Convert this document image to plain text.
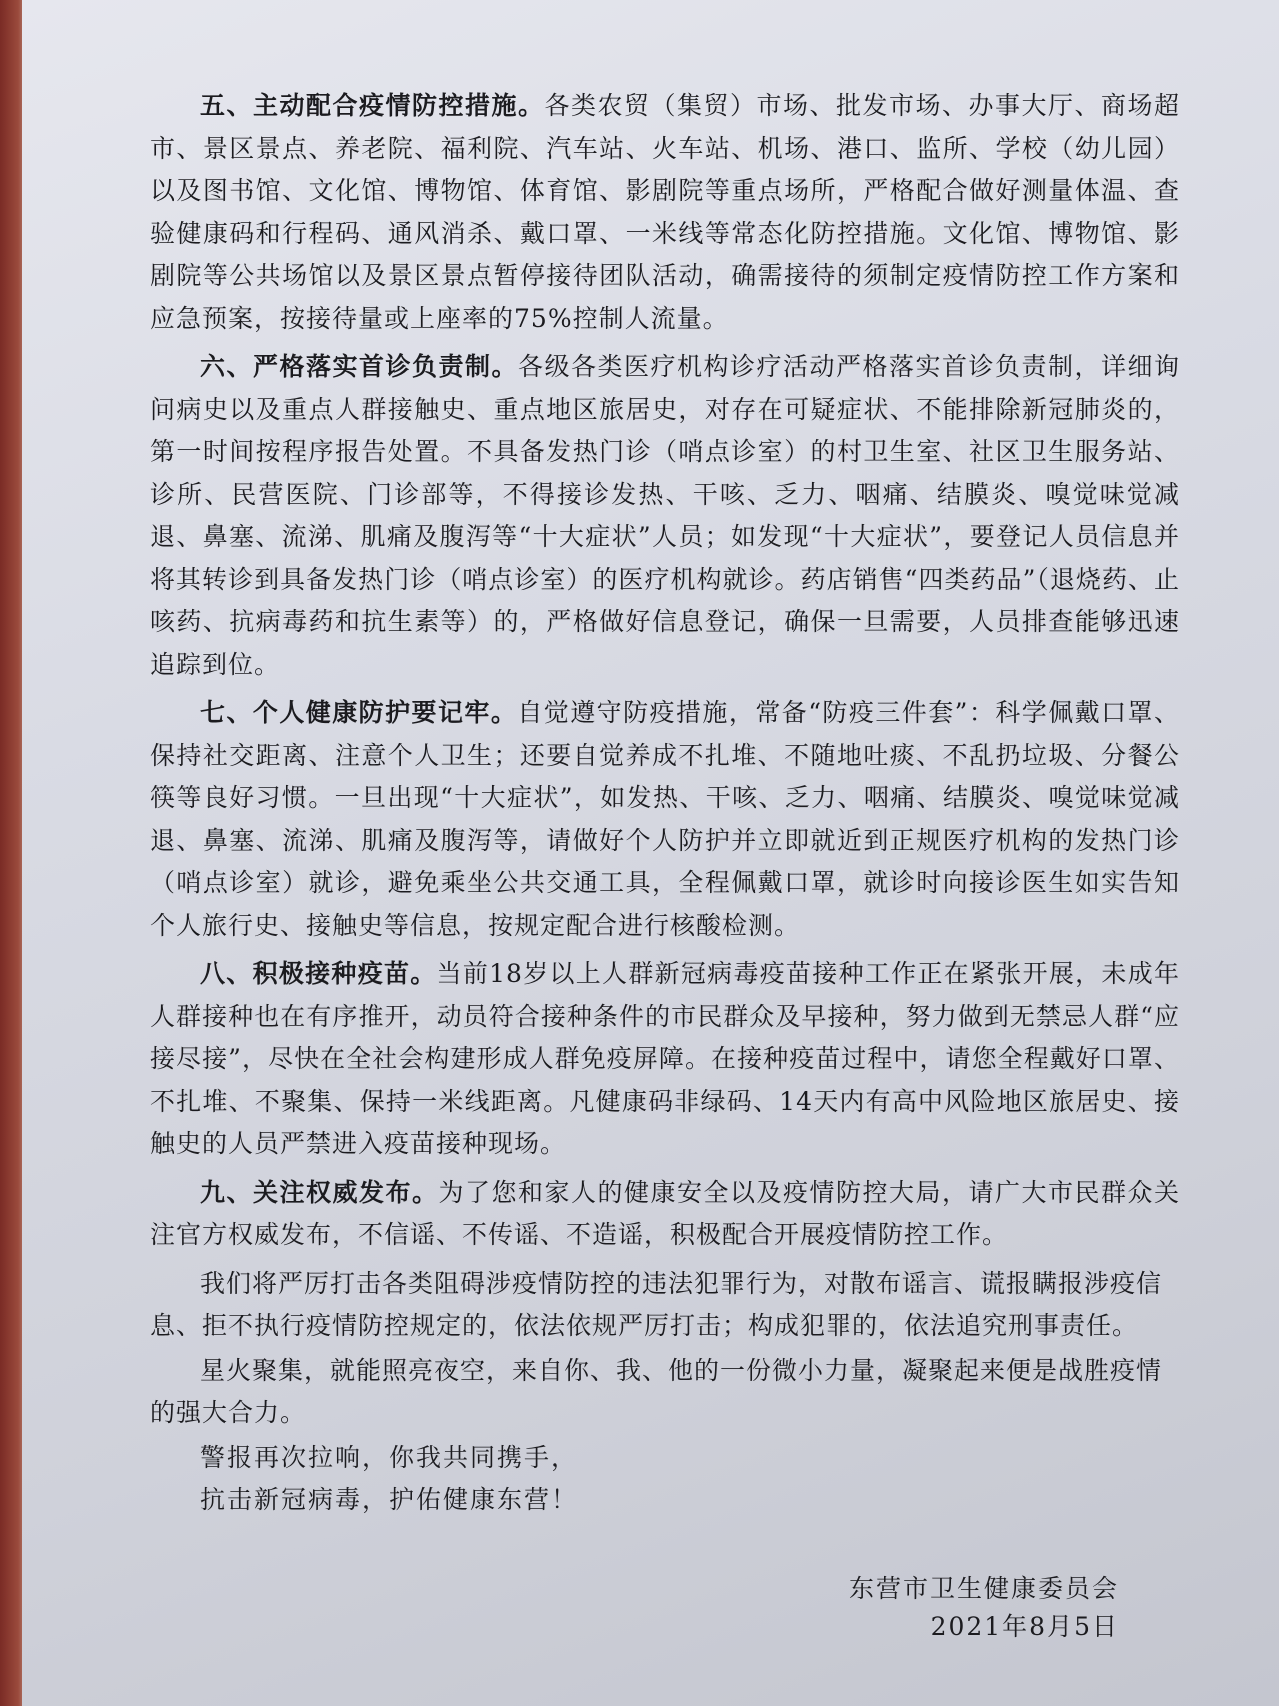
五、主动配合疫情防控措施。各类农贸（集贸）市场、批发市场、办事大厅、商场超市、景区景点、养老院、福利院、汽车站、火车站、机场、港口、监所、学校（幼儿园）以及图书馆、文化馆、博物馆、体育馆、影剧院等重点场所，严格配合做好测量体温、查验健康码和行程码、通风消杀、戴口罩、一米线等常态化防控措施。文化馆、博物馆、影剧院等公共场馆以及景区景点暂停接待团队活动，确需接待的须制定疫情防控工作方案和应急预案，按接待量或上座率的75%控制人流量。

六、严格落实首诊负责制。各级各类医疗机构诊疗活动严格落实首诊负责制，详细询问病史以及重点人群接触史、重点地区旅居史，对存在可疑症状、不能排除新冠肺炎的，第一时间按程序报告处置。不具备发热门诊（哨点诊室）的村卫生室、社区卫生服务站、诊所、民营医院、门诊部等，不得接诊发热、干咳、乏力、咽痛、结膜炎、嗅觉味觉减退、鼻塞、流涕、肌痛及腹泻等“十大症状”人员；如发现“十大症状”，要登记人员信息并将其转诊到具备发热门诊（哨点诊室）的医疗机构就诊。药店销售“四类药品”（退烧药、止咳药、抗病毒药和抗生素等）的，严格做好信息登记，确保一旦需要，人员排查能够迅速追踪到位。

七、个人健康防护要记牢。自觉遵守防疫措施，常备“防疫三件套”：科学佩戴口罩、保持社交距离、注意个人卫生；还要自觉养成不扎堆、不随地吐痰、不乱扔垃圾、分餐公筷等良好习惯。一旦出现“十大症状”，如发热、干咳、乏力、咽痛、结膜炎、嗅觉味觉减退、鼻塞、流涕、肌痛及腹泻等，请做好个人防护并立即就近到正规医疗机构的发热门诊（哨点诊室）就诊，避免乘坐公共交通工具，全程佩戴口罩，就诊时向接诊医生如实告知个人旅行史、接触史等信息，按规定配合进行核酸检测。

八、积极接种疫苗。当前18岁以上人群新冠病毒疫苗接种工作正在紧张开展，未成年人群接种也在有序推开，动员符合接种条件的市民群众及早接种，努力做到无禁忌人群“应接尽接”，尽快在全社会构建形成人群免疫屏障。在接种疫苗过程中，请您全程戴好口罩、不扎堆、不聚集、保持一米线距离。凡健康码非绿码、14天内有高中风险地区旅居史、接触史的人员严禁进入疫苗接种现场。

九、关注权威发布。为了您和家人的健康安全以及疫情防控大局，请广大市民群众关注官方权威发布，不信谣、不传谣、不造谣，积极配合开展疫情防控工作。

我们将严厉打击各类阻碍涉疫情防控的违法犯罪行为，对散布谣言、谎报瞒报涉疫信息、拒不执行疫情防控规定的，依法依规严厉打击；构成犯罪的，依法追究刑事责任。

星火聚集，就能照亮夜空，来自你、我、他的一份微小力量，凝聚起来便是战胜疫情的强大合力。

警报再次拉响，你我共同携手，

抗击新冠病毒，护佑健康东营！

东营市卫生健康委员会
2021年8月5日
